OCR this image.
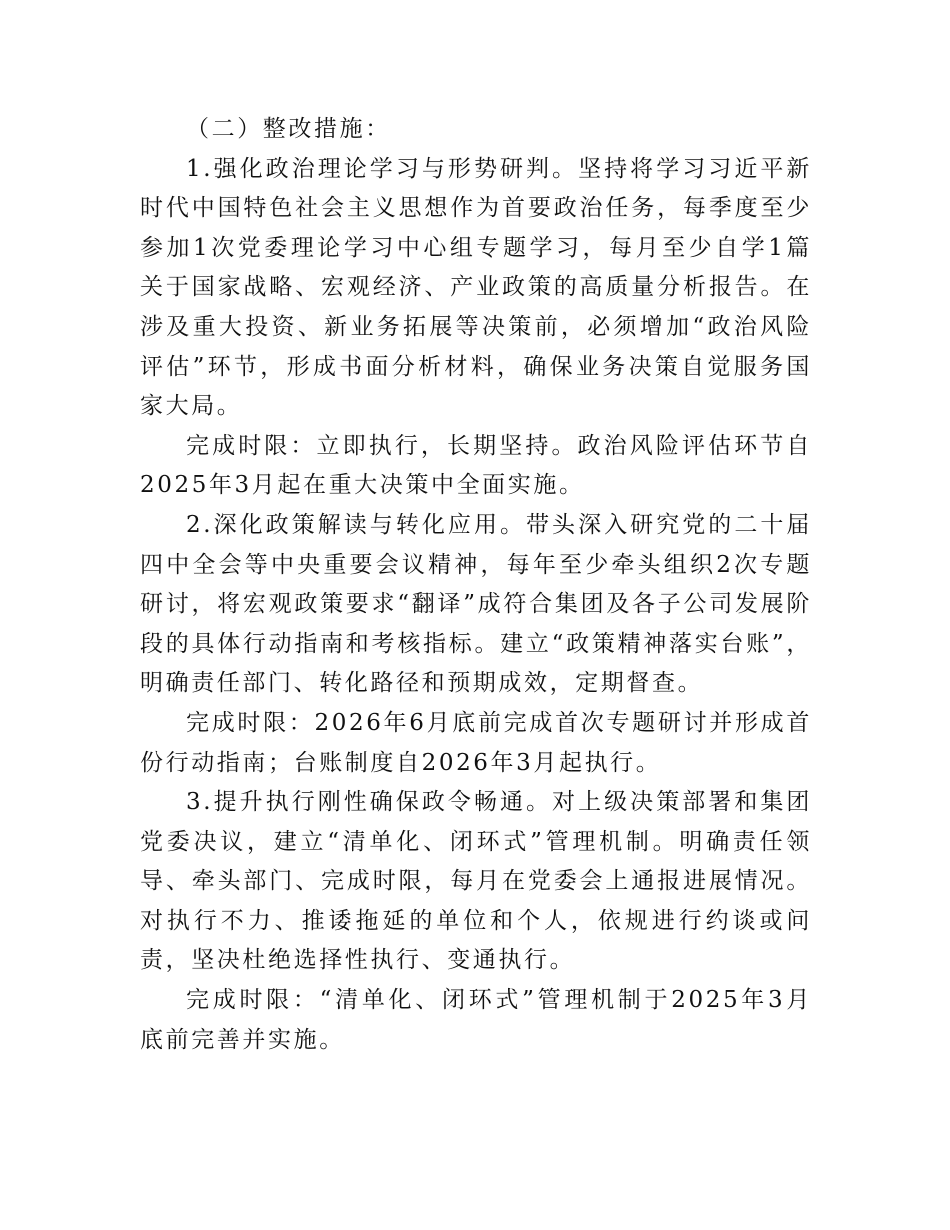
（二）整改措施：

1.强化政治理论学习与形势研判。坚持将学习习近平新时代中国特色社会主义思想作为首要政治任务，每季度至少参加1次党委理论学习中心组专题学习，每月至少自学1篇关于国家战略、宏观经济、产业政策的高质量分析报告。在涉及重大投资、新业务拓展等决策前，必须增加“政治风险评估”环节，形成书面分析材料，确保业务决策自觉服务国家大局。

完成时限：立即执行，长期坚持。政治风险评估环节自2025年3月起在重大决策中全面实施。

2.深化政策解读与转化应用。带头深入研究党的二十届四中全会等中央重要会议精神，每年至少牵头组织2次专题研讨，将宏观政策要求“翻译”成符合集团及各子公司发展阶段的具体行动指南和考核指标。建立“政策精神落实台账”，明确责任部门、转化路径和预期成效，定期督查。

完成时限：2026年6月底前完成首次专题研讨并形成首份行动指南；台账制度自2026年3月起执行。

3.提升执行刚性确保政令畅通。对上级决策部署和集团党委决议，建立“清单化、闭环式”管理机制。明确责任领导、牵头部门、完成时限，每月在党委会上通报进展情况。对执行不力、推诿拖延的单位和个人，依规进行约谈或问责，坚决杜绝选择性执行、变通执行。

完成时限：“清单化、闭环式”管理机制于2025年3月底前完善并实施。
